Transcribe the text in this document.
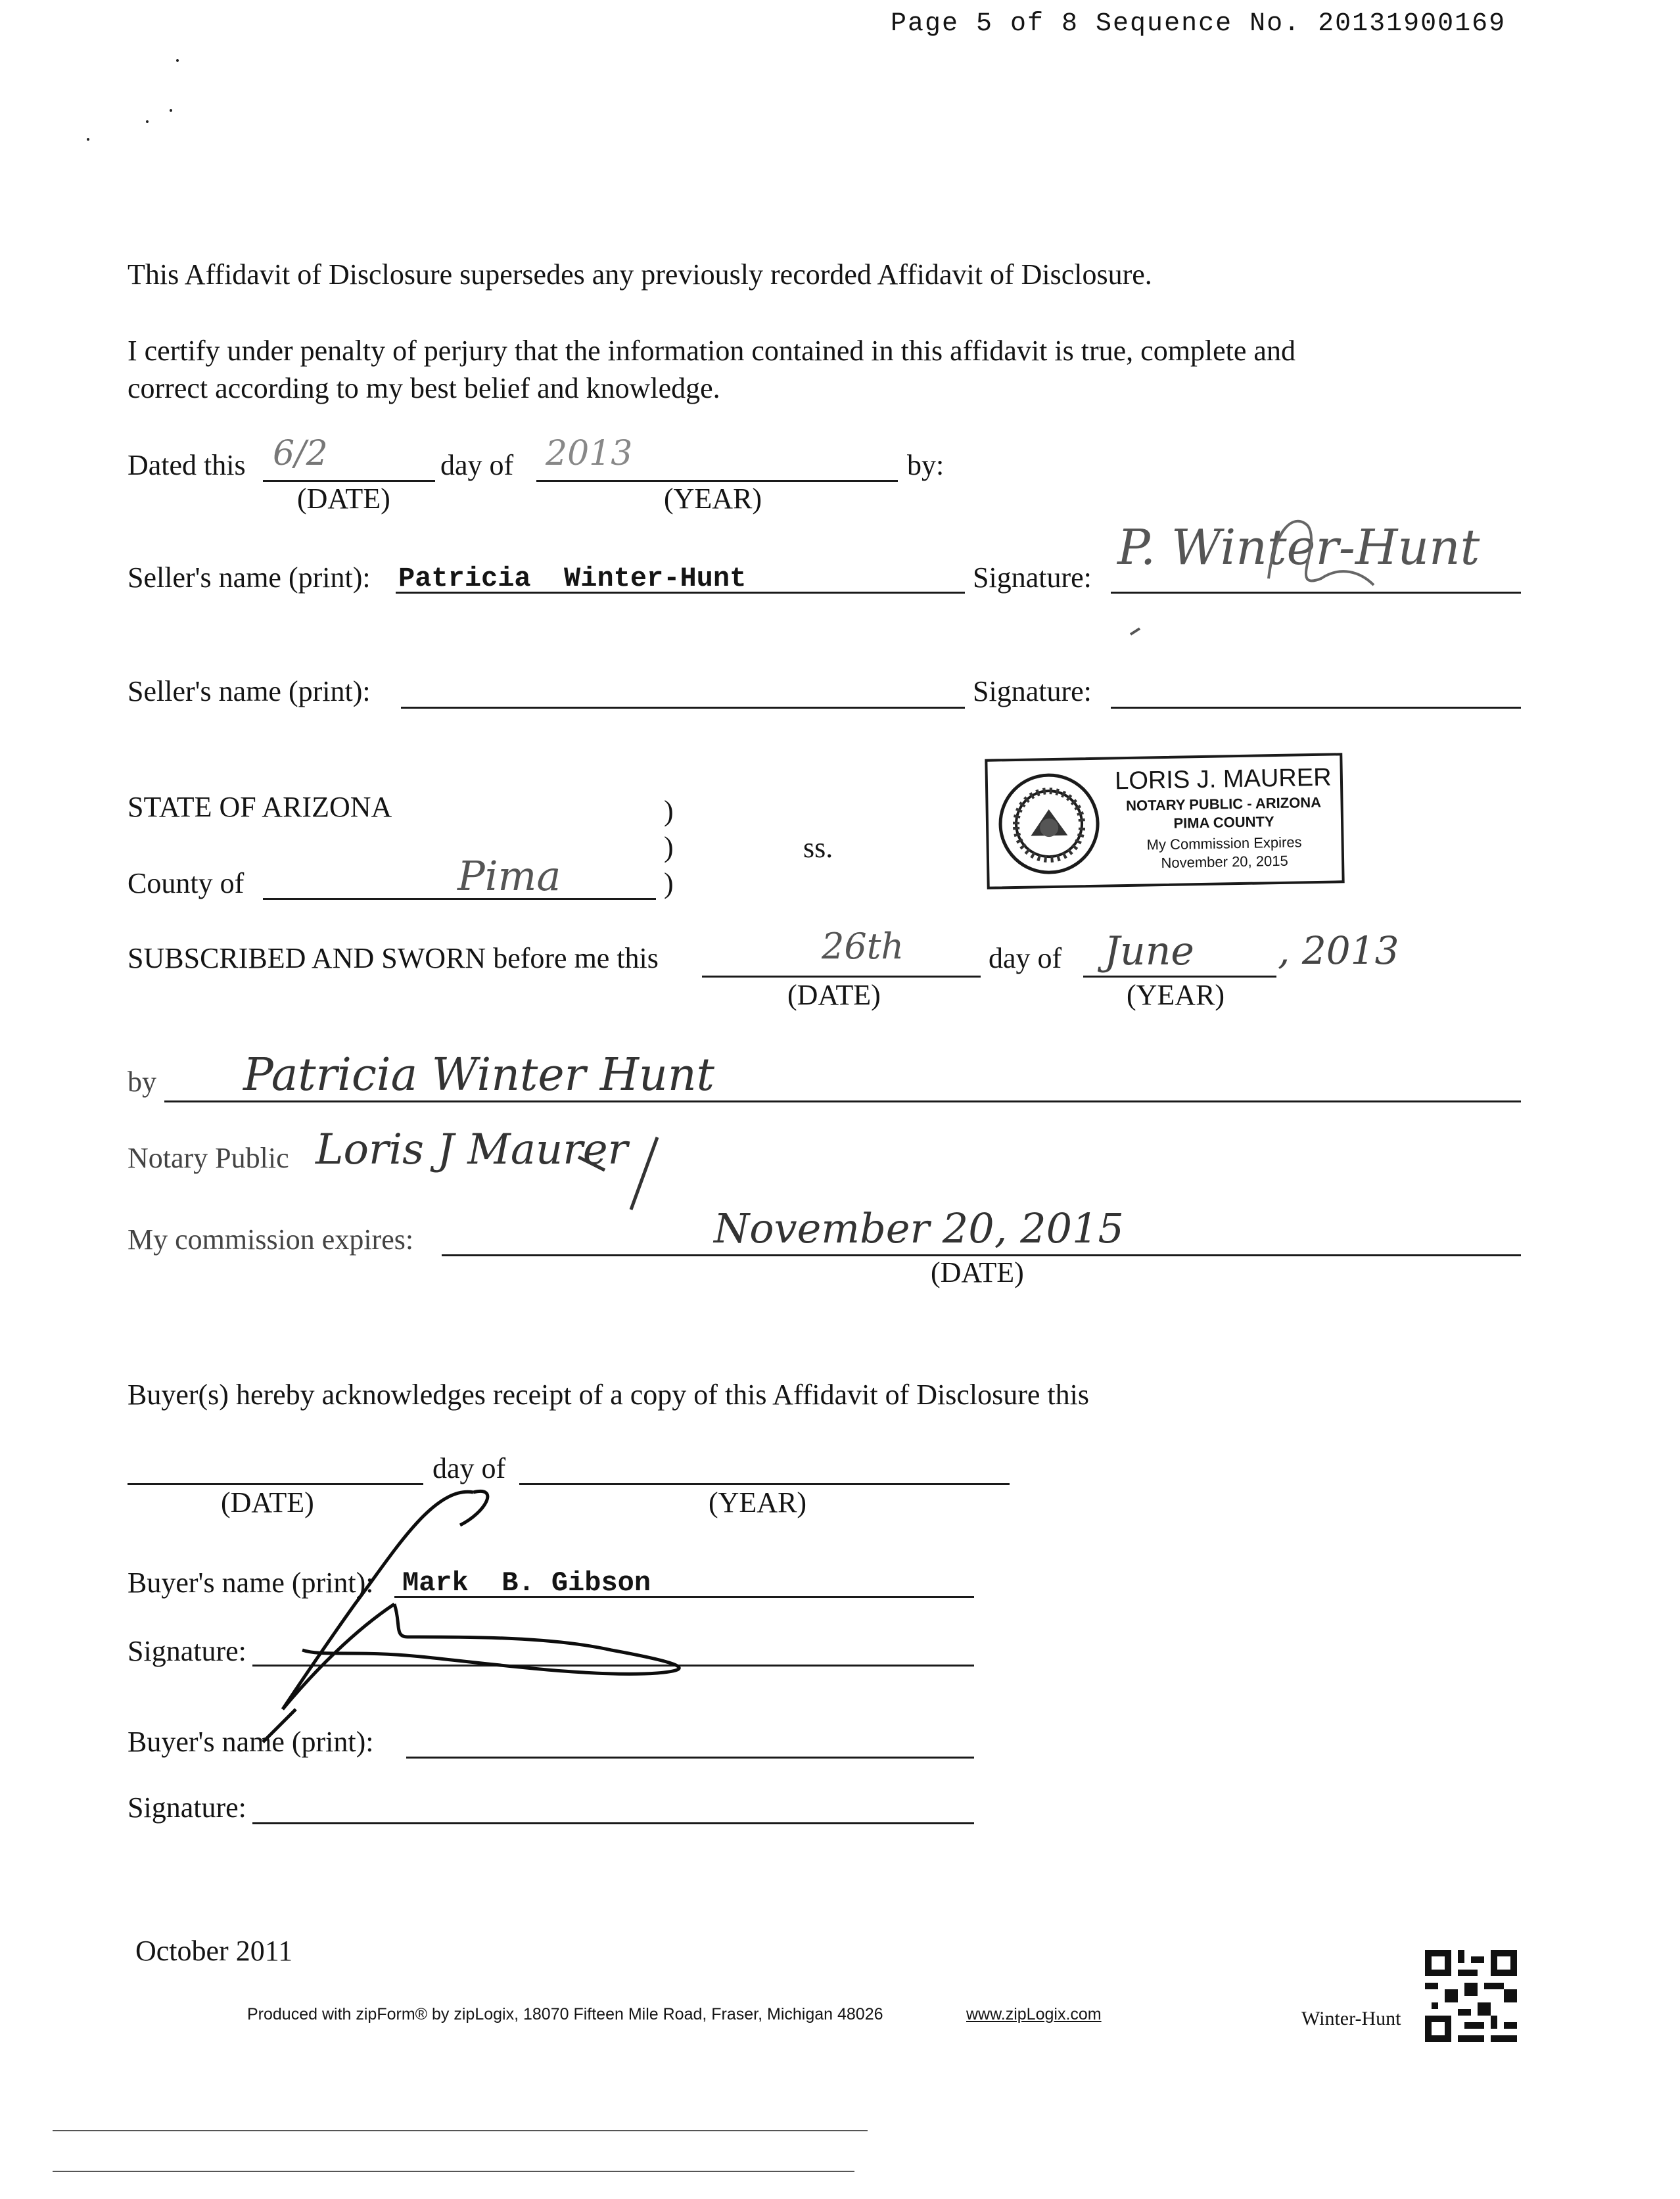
Page 5 of 8 Sequence No. 20131900169
This Affidavit of Disclosure supersedes any previously recorded Affidavit of Disclosure.
I certify under penalty of perjury that the information contained in this affidavit is true, complete and
correct according to my best belief and knowledge.
Dated this 6/2
(DATE)
day of 2013
(YEAR)
by:
Seller's name (print): Patricia  Winter-Hunt	Signature:
P. Winter-Hunt
Seller's name (print):	Signature:
LORIS J. MAURER
NOTARY PUBLIC - ARIZONA
PIMA COUNTY
My Commission Expires
November 20, 2015
STATE OF ARIZONA	)
)
)
ss.
County of	Pima
SUBSCRIBED AND SWORN before me this	26th
(DATE)
day of June , 2013
(YEAR)
by Patricia Winter Hunt
Notary Public Loris J Maurer
My commission expires:	November 20, 2015
(DATE)
Buyer(s) hereby acknowledges receipt of a copy of this Affidavit of Disclosure this
day of
(DATE)	(YEAR)
Buyer's name (print): Mark  B. Gibson
Signature:
Buyer's name (print):
Signature:
October 2011
Produced with zipForm® by zipLogix, 18070 Fifteen Mile Road, Fraser, Michigan 48026	www.zipLogix.com	Winter-Hunt
